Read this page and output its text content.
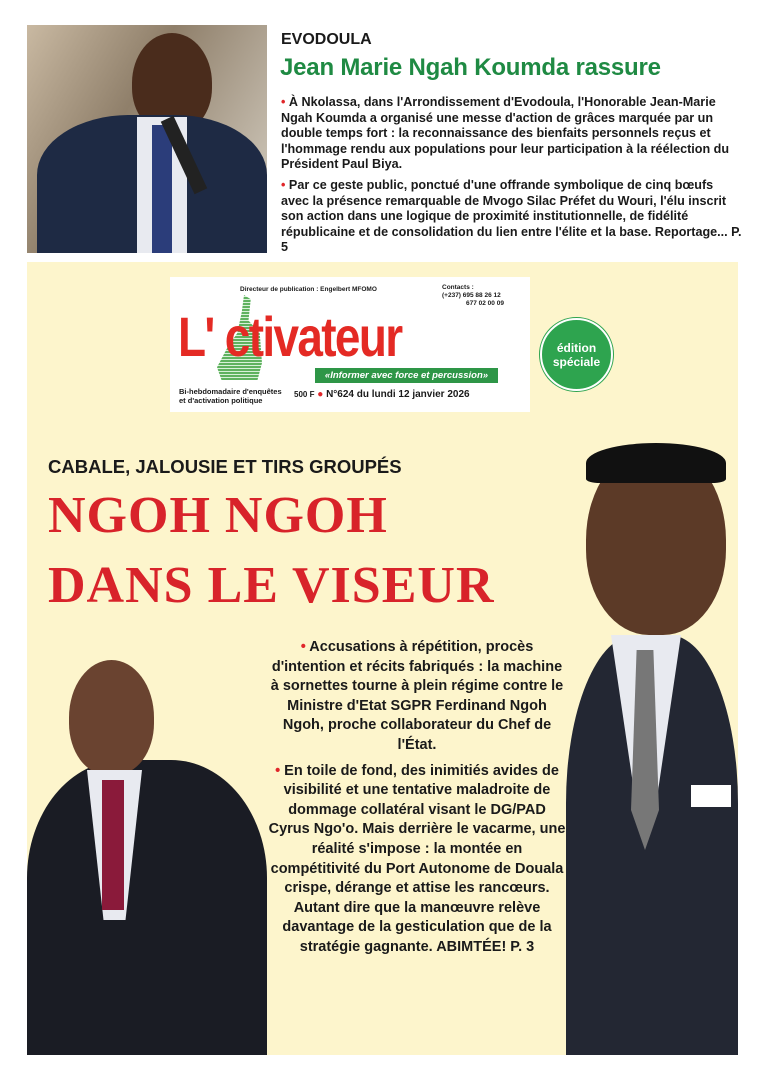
EVODOULA
Jean Marie Ngah Koumda rassure
• À Nkolassa, dans l'Arrondissement d'Evodoula, l'Honorable Jean-Marie Ngah Koumda a organisé une messe d'action de grâces marquée par un double temps fort : la reconnaissance des bienfaits personnels reçus et l'hommage rendu aux populations pour leur participation à la réélection du Président Paul Biya.
• Par ce geste public, ponctué d'une offrande symbolique de cinq bœufs avec la présence remarquable de Mvogo Silac Préfet du Wouri, l'élu inscrit son action dans une logique de proximité institutionnelle, de fidélité républicaine et de consolidation du lien entre l'élite et la base. Reportage... P. 5
Directeur de publication : Engelbert MFOMO	Contacts :
(+237) 695 88 26 12
677 02 00 09
L' ctivateur
«Informer avec force et percussion»
Bi-hebdomadaire d'enquêtes
et d'activation politique
500 F ● N°624 du lundi 12 janvier 2026
édition
spéciale
CABALE, JALOUSIE ET TIRS GROUPÉS
NGOH NGOH
DANS LE VISEUR

• Accusations à répétition, procès d'intention et récits fabriqués : la machine à sornettes tourne à plein régime contre le Ministre d'Etat SGPR Ferdinand Ngoh Ngoh, proche collaborateur du Chef de l'État.

• En toile de fond, des inimitiés avides de visibilité et une tentative maladroite de dommage collatéral visant le DG/PAD Cyrus Ngo'o. Mais derrière le vacarme, une réalité s'impose : la montée en compétitivité du Port Autonome de Douala crispe, dérange et attise les rancœurs. Autant dire que la manœuvre relève davantage de la gesticulation que de la stratégie gagnante. ABIMTÉE! P. 3
